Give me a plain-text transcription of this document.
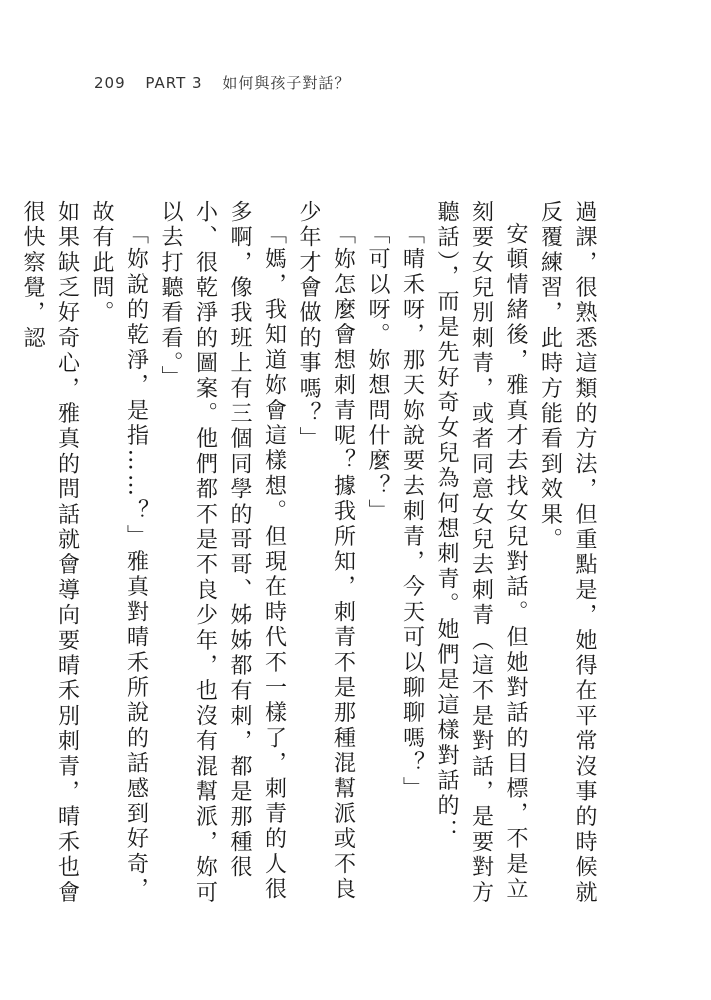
209 PART 3 如何與孩子對話？

過課，很熟悉這類的方法，但重點是，她得在平常沒事的時候就反覆練習，此時方能看到效果。

安頓情緒後，雅真才去找女兒對話。但她對話的目標，不是立刻要女兒別刺青，或者同意女兒去刺青（這不是對話，是要對方聽話），而是先好奇女兒為何想刺青。她們是這樣對話的：

「晴禾呀，那天妳說要去刺青，今天可以聊聊嗎？」

「可以呀。妳想問什麼？」

「妳怎麼會想刺青呢？據我所知，刺青不是那種混幫派或不良少年才會做的事嗎？」

「媽，我知道妳會這樣想。但現在時代不一樣了，刺青的人很多啊，像我班上有三個同學的哥哥、姊姊都有刺，都是那種很小、很乾淨的圖案。他們都不是不良少年，也沒有混幫派，妳可以去打聽看看。」

「妳說的乾淨，是指……？」雅真對晴禾所說的話感到好奇，故有此問。

如果缺乏好奇心，雅真的問話就會導向要晴禾別刺青，晴禾也會很快察覺，認
